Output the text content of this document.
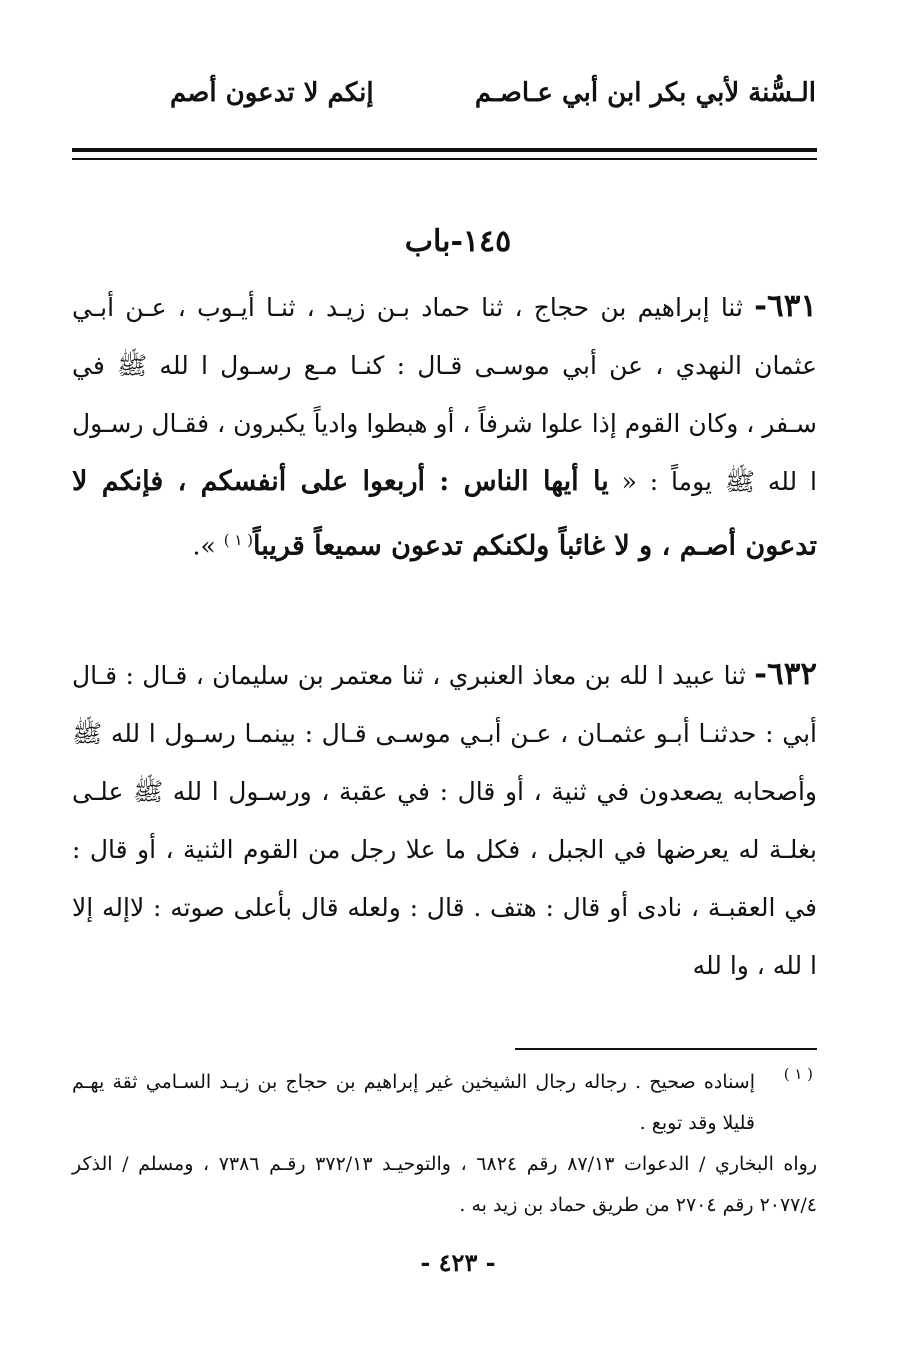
الـسُّنة لأبي بكر ابن أبي عـاصـم
إنكم لا تدعون أصم
١٤٥-باب
٦٣١- ثنا إبراهيم بن حجاج ، ثنا حماد بـن زيـد ، ثنـا أيـوب ، عـن أبـي عثمان النهدي ، عن أبي موسـى قـال : كنـا مـع رسـول ا لله ﷺ في سـفر ، وكان القوم إذا علوا شرفاً ، أو هبطوا وادياً يكبرون ، فقـال رسـول ا لله ﷺ يوماً : « يا أيها الناس : أربعوا على أنفسكم ، فإنكم لا تدعون أصـم ، و لا غائباً ولكنكم تدعون سميعاً قريباً$^{( ١ )}$ ».
٦٣٢- ثنا عبيد ا لله بن معاذ العنبري ، ثنا معتمر بن سليمان ، قـال : قـال أبي : حدثنـا أبـو عثمـان ، عـن أبـي موسـى قـال : بينمـا رسـول ا لله ﷺ وأصحابه يصعدون في ثنية ، أو قال : في عقبة ، ورسـول ا لله ﷺ علـى بغلـة له يعرضها في الجبل ، فكل ما علا رجل من القوم الثنية ، أو قال : في العقبـة ، نادى أو قال : هتف . قال : ولعله قال بأعلى صوته : لاإله إلا ا لله ، وا لله
( ١ )
إسناده صحيح . رجاله رجال الشيخين غير إبراهيم بن حجاج بن زيـد السـامي ثقة يهـم قليلا وقد توبع .
رواه البخاري / الدعوات ٨٧/١٣ رقم ٦٨٢٤ ، والتوحيـد ٣٧٢/١٣ رقـم ٧٣٨٦ ، ومسلم / الذكر ٢٠٧٧/٤ رقم ٢٧٠٤ من طريق حماد بن زيد به .
- ٤٢٣ -
